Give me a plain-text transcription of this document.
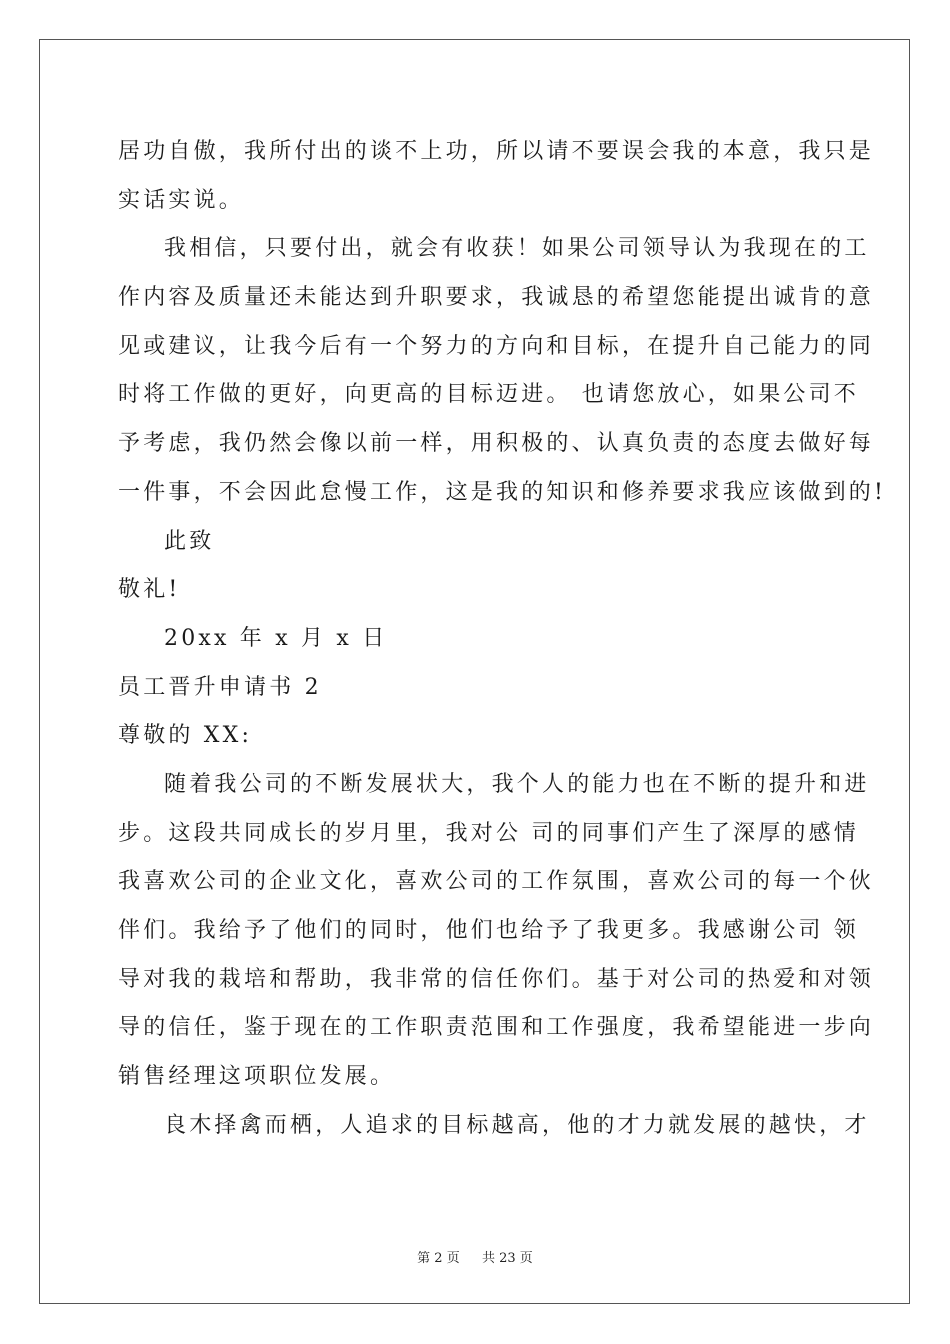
居功自傲，我所付出的谈不上功，所以请不要误会我的本意，我只是
实话实说。
我相信，只要付出，就会有收获！如果公司领导认为我现在的工
作内容及质量还未能达到升职要求，我诚恳的希望您能提出诚肯的意
见或建议，让我今后有一个努力的方向和目标，在提升自己能力的同
时将工作做的更好，向更高的目标迈进。 也请您放心，如果公司不
予考虑，我仍然会像以前一样，用积极的、认真负责的态度去做好每
一件事，不会因此怠慢工作，这是我的知识和修养要求我应该做到的!
此致
敬礼!
20xx 年 x 月 x 日
员工晋升申请书 2
尊敬的 XX:
随着我公司的不断发展状大，我个人的能力也在不断的提升和进
步。这段共同成长的岁月里，我对公 司的同事们产生了深厚的感情
我喜欢公司的企业文化，喜欢公司的工作氛围，喜欢公司的每一个伙
伴们。我给予了他们的同时，他们也给予了我更多。我感谢公司 领
导对我的栽培和帮助，我非常的信任你们。基于对公司的热爱和对领
导的信任，鉴于现在的工作职责范围和工作强度，我希望能进一步向
销售经理这项职位发展。
良木择禽而栖，人追求的目标越高，他的才力就发展的越快，才
第 2 页 共 23 页
